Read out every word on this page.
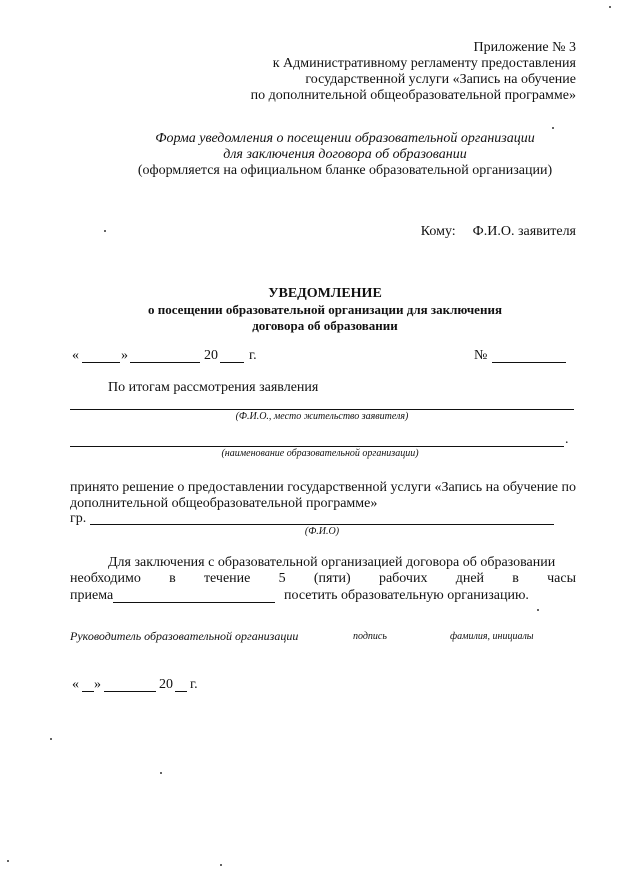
Приложение № 3
к Административному регламенту предоставления
государственной услуги «Запись на обучение
по дополнительной общеобразовательной программе»
Форма уведомления о посещении образовательной организации
для заключения договора об образовании
(оформляется на официальном бланке образовательной организации)
Кому: Ф.И.О. заявителя
УВЕДОМЛЕНИЕ
о посещении образовательной организации для заключения
договора об образовании
«	»	20 г.	№
По итогам рассмотрения заявления
(Ф.И.О., место жительство заявителя)
.
(наименование образовательной организации)
принято решение о предоставлении государственной услуги «Запись на обучение по дополнительной общеобразовательной программе»
гр.
(Ф.И.О)
Для заключения с образовательной организацией договора об образовании
необходимо в течение 5 (пяти) рабочих дней в часы
приема	посетить образовательную организацию.
Руководитель образовательной организации	подпись	фамилия, инициалы
« »	20 г.
